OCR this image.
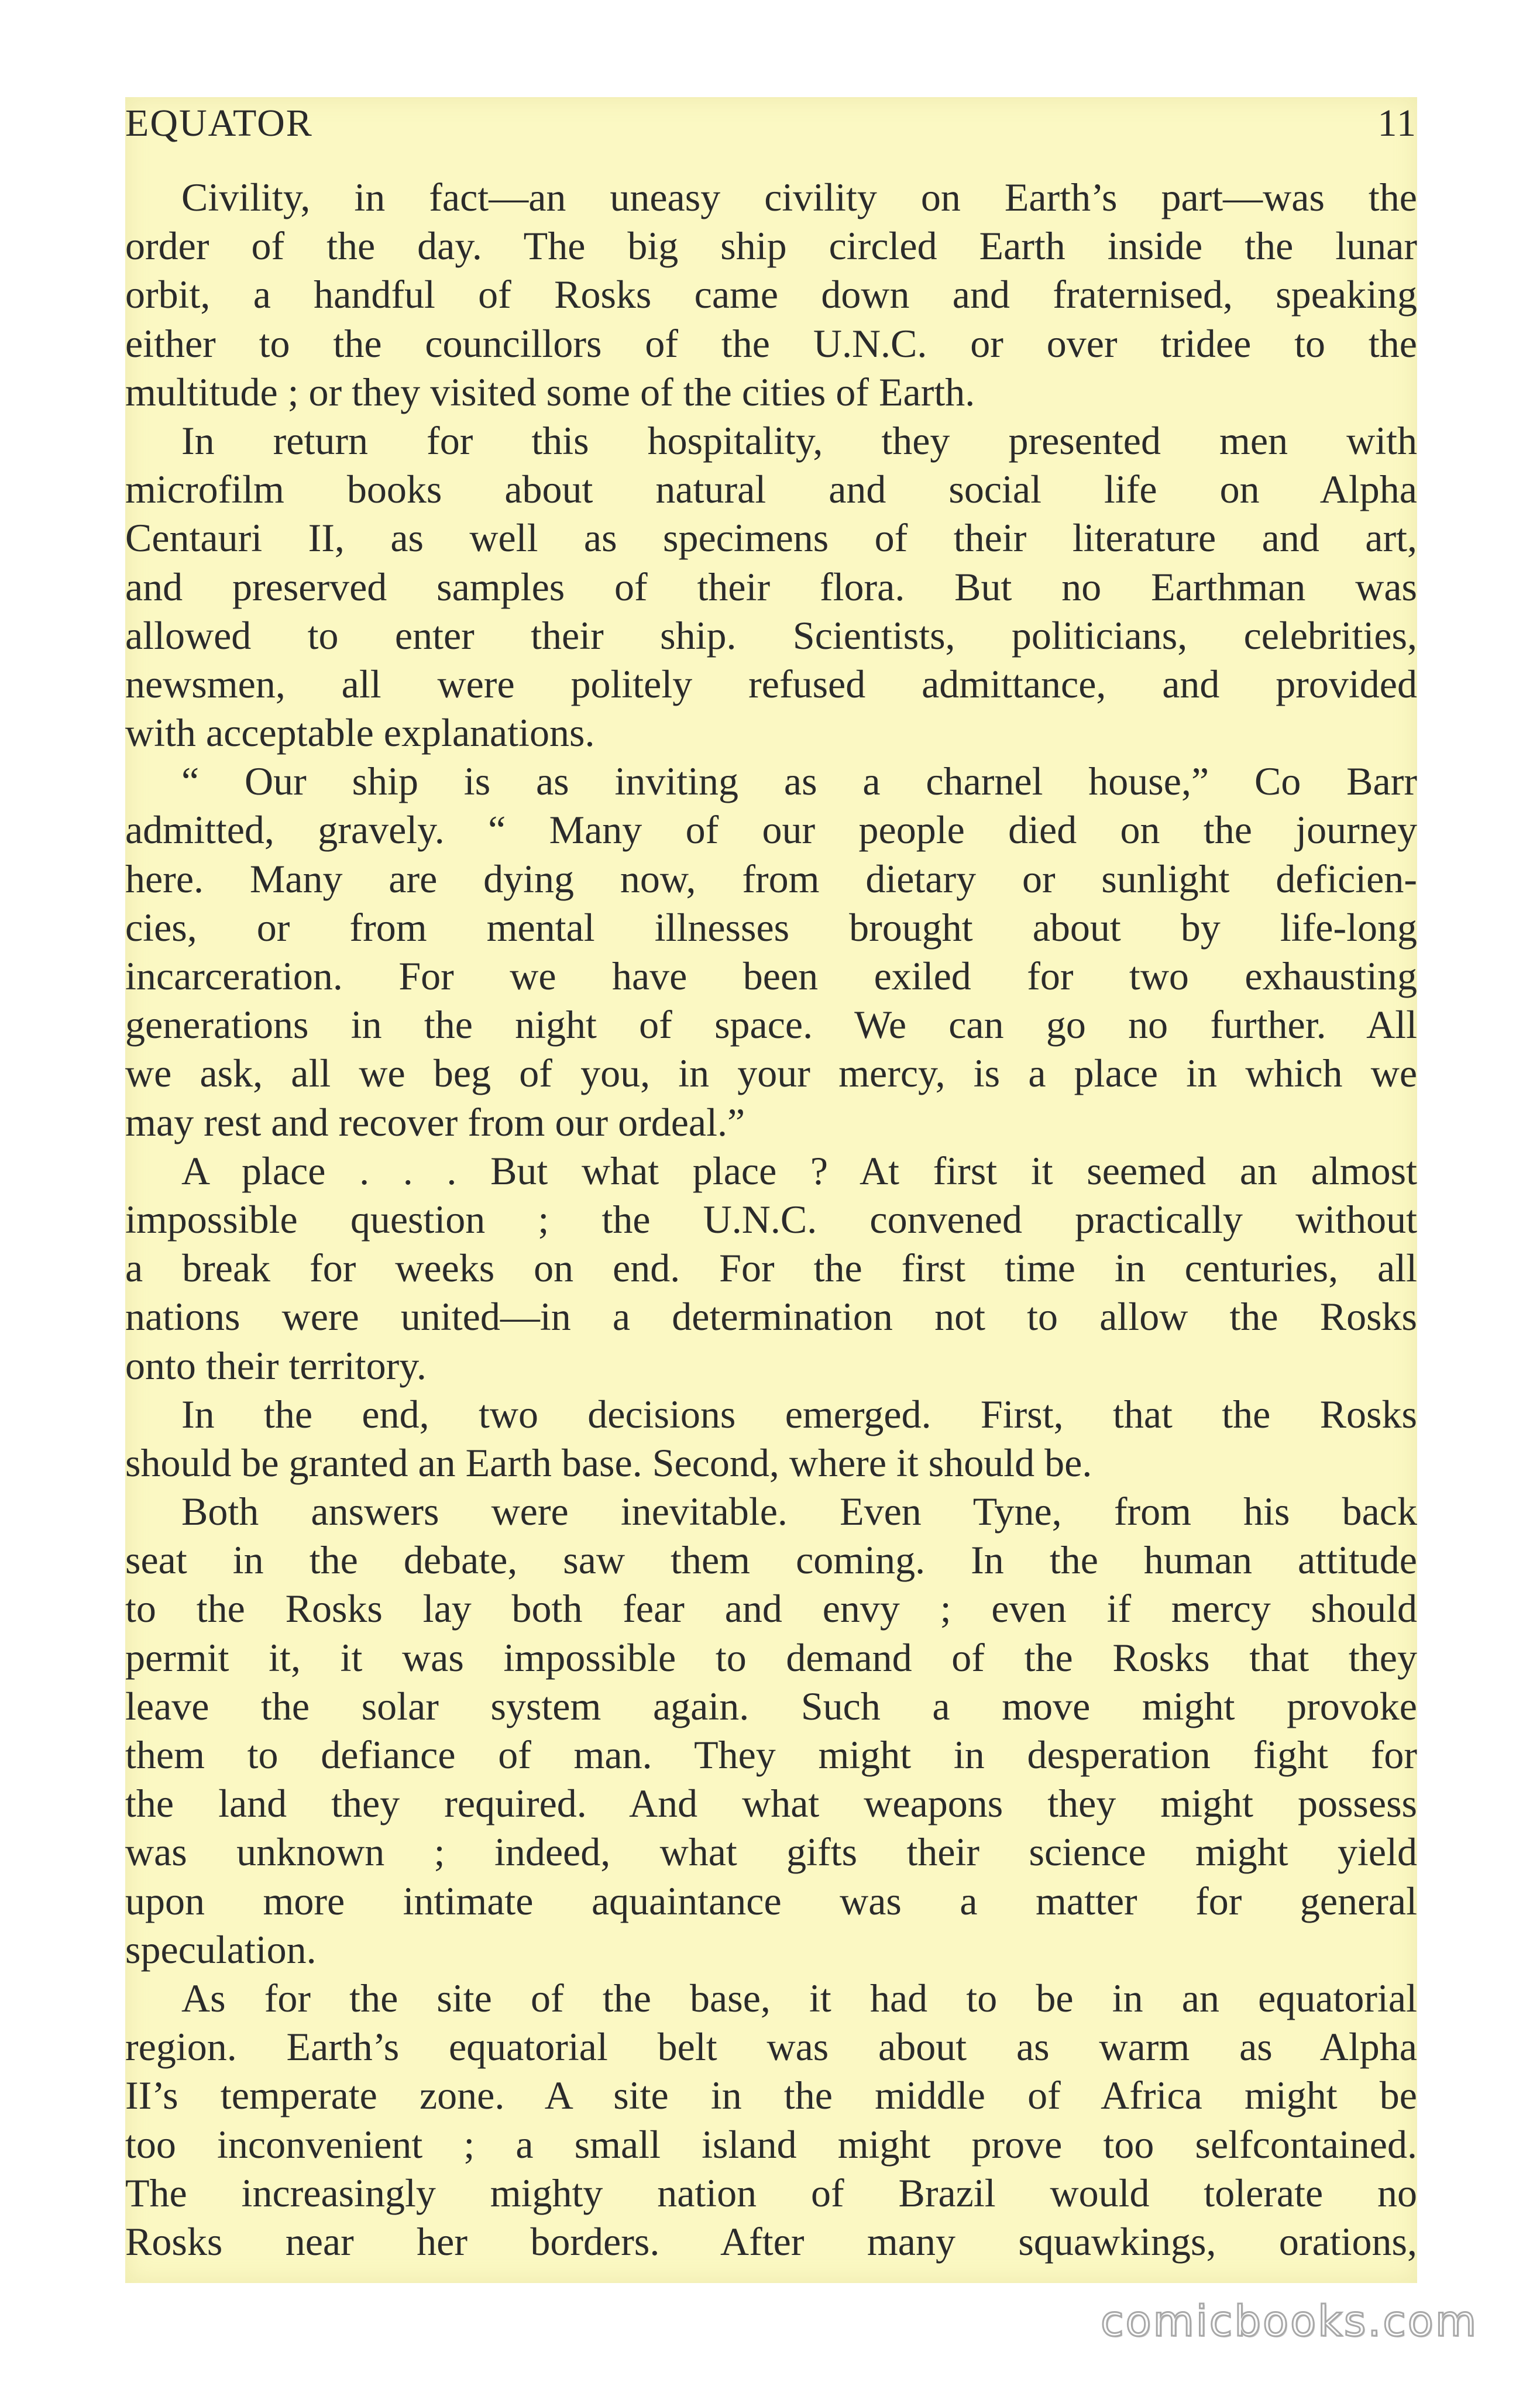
EQUATOR	11
Civility, in fact—an uneasy civility on Earth’s part—was the
order of the day. The big ship circled Earth inside the lunar
orbit, a handful of Rosks came down and fraternised, speaking
either to the councillors of the U.N.C. or over tridee to the
multitude ; or they visited some of the cities of Earth.
In return for this hospitality, they presented men with
microfilm books about natural and social life on Alpha
Centauri II, as well as specimens of their literature and art,
and preserved samples of their flora. But no Earthman was
allowed to enter their ship. Scientists, politicians, celebrities,
newsmen, all were politely refused admittance, and provided
with acceptable explanations.
“ Our ship is as inviting as a charnel house,” Co Barr
admitted, gravely. “ Many of our people died on the journey
here. Many are dying now, from dietary or sunlight deficien-
cies, or from mental illnesses brought about by life-long
incarceration. For we have been exiled for two exhausting
generations in the night of space. We can go no further. All
we ask, all we beg of you, in your mercy, is a place in which we
may rest and recover from our ordeal.”
A place . . . But what place ? At first it seemed an almost
impossible question ; the U.N.C. convened practically without
a break for weeks on end. For the first time in centuries, all
nations were united—in a determination not to allow the Rosks
onto their territory.
In the end, two decisions emerged. First, that the Rosks
should be granted an Earth base. Second, where it should be.
Both answers were inevitable. Even Tyne, from his back
seat in the debate, saw them coming. In the human attitude
to the Rosks lay both fear and envy ; even if mercy should
permit it, it was impossible to demand of the Rosks that they
leave the solar system again. Such a move might provoke
them to defiance of man. They might in desperation fight for
the land they required. And what weapons they might possess
was unknown ; indeed, what gifts their science might yield
upon more intimate aquaintance was a matter for general
speculation.
As for the site of the base, it had to be in an equatorial
region. Earth’s equatorial belt was about as warm as Alpha
II’s temperate zone. A site in the middle of Africa might be
too inconvenient ; a small island might prove too selfcontained.
The increasingly mighty nation of Brazil would tolerate no
Rosks near her borders. After many squawkings, orations,
comicbooks.com
